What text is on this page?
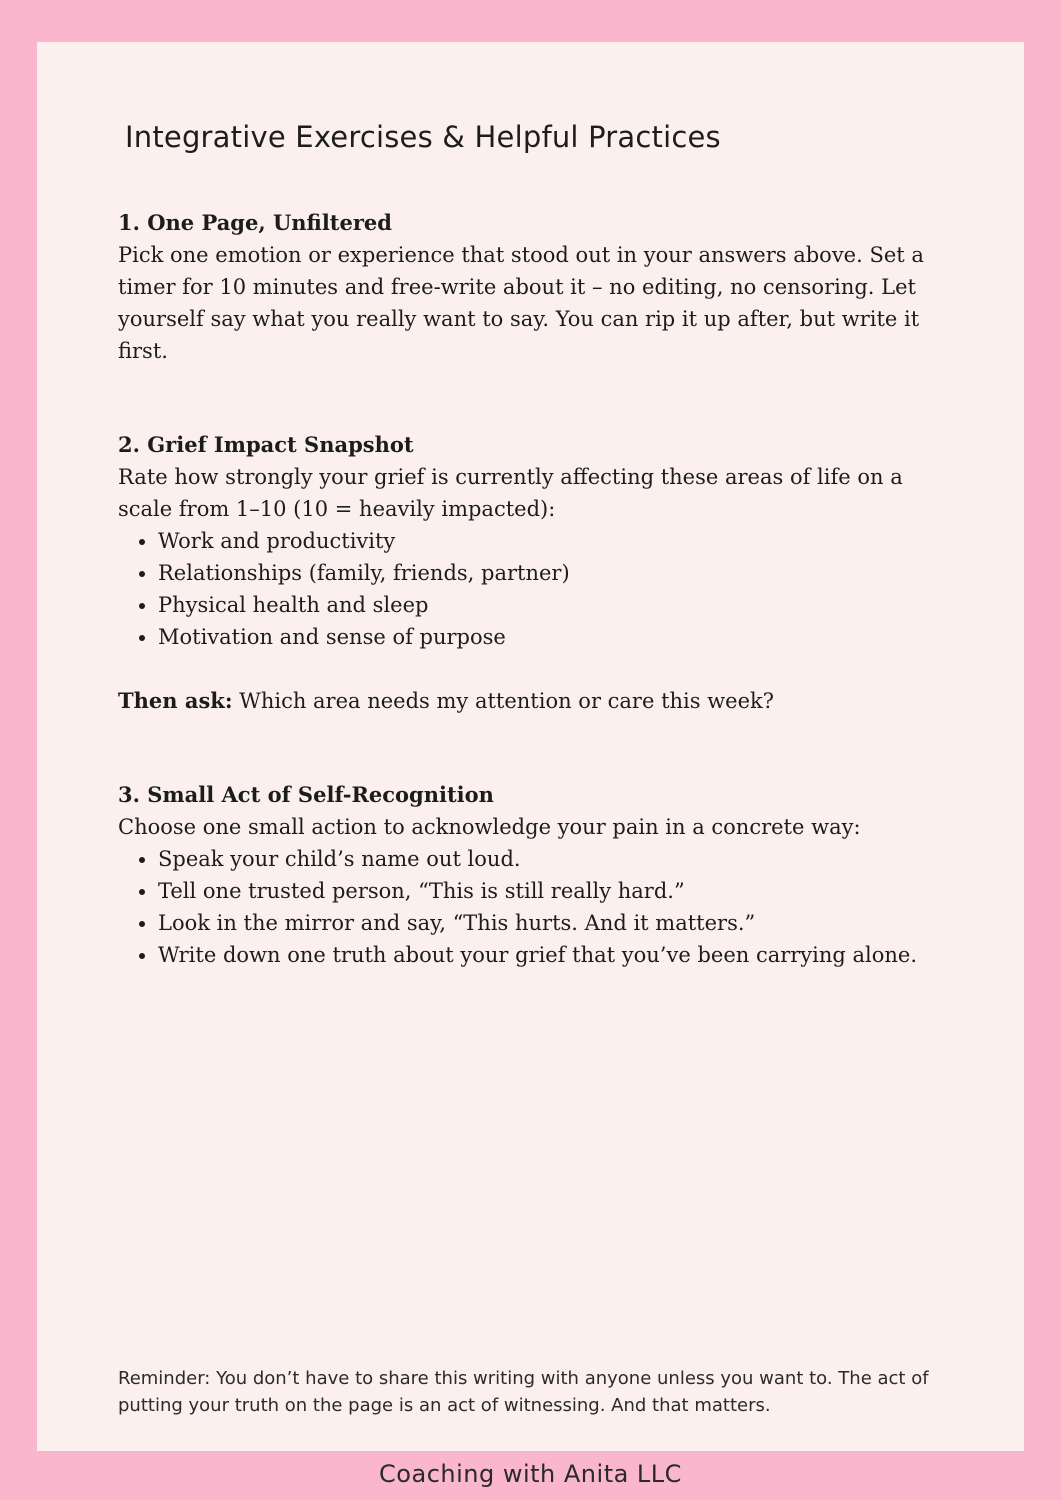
Integrative Exercises & Helpful Practices
1. One Page, Unfiltered

Pick one emotion or experience that stood out in your answers above. Set a timer for 10 minutes and free-write about it – no editing, no censoring. Let yourself say what you really want to say. You can rip it up after, but write it first.

2. Grief Impact Snapshot

Rate how strongly your grief is currently affecting these areas of life on a scale from 1–10 (10 = heavily impacted):

• Work and productivity
• Relationships (family, friends, partner)
• Physical health and sleep
• Motivation and sense of purpose

Then ask: Which area needs my attention or care this week?

3. Small Act of Self-Recognition

Choose one small action to acknowledge your pain in a concrete way:

• Speak your child’s name out loud.
• Tell one trusted person, “This is still really hard.”
• Look in the mirror and say, “This hurts. And it matters.”
• Write down one truth about your grief that you’ve been carrying alone.

Reminder: You don’t have to share this writing with anyone unless you want to. The act of putting your truth on the page is an act of witnessing. And that matters.

Coaching with Anita LLC
